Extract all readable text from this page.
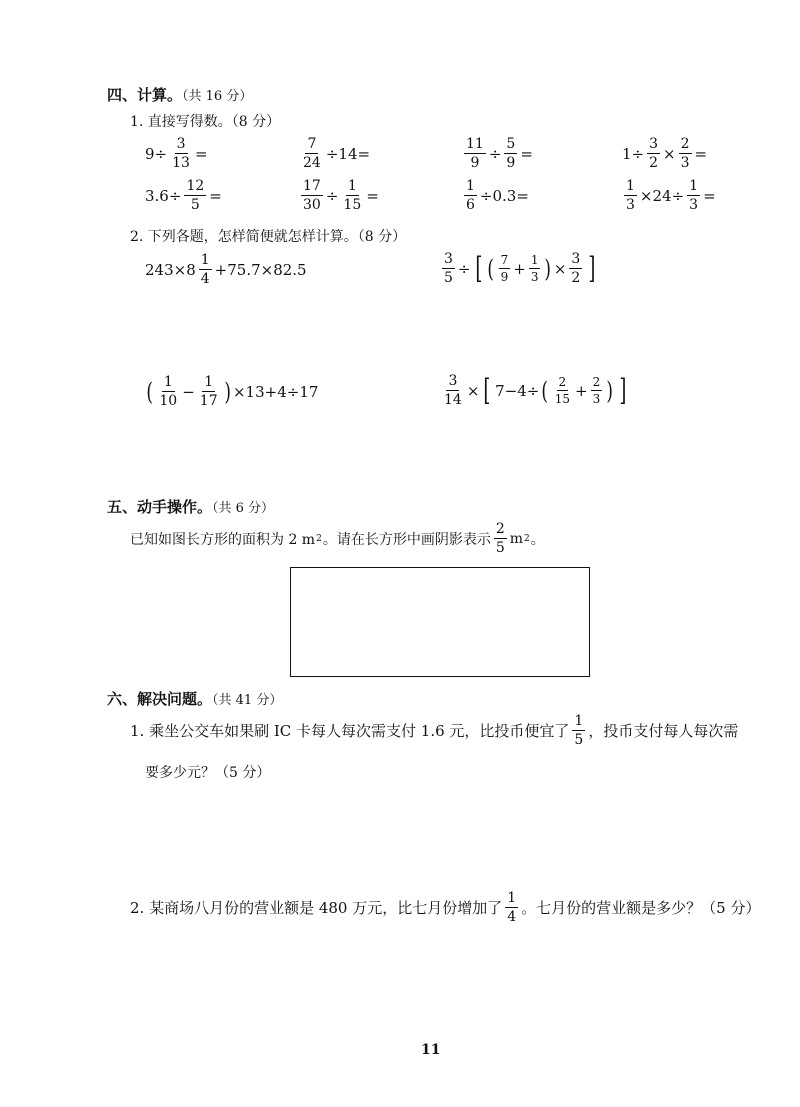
四、计算。（共 16 分）
1. 直接写得数。（8 分）
$9\div \frac{3}{13}$ =	$\frac{7}{24} \div 14=$	$\frac{11}{9} \div \frac{5}{9}$ =	$1\div \frac{3}{2} \times \frac{2}{3}$ =
$3.6\div \frac{12}{5}$ =	$\frac{17}{30} \div \frac{1}{15}$ =	$\frac{1}{6} \div 0.3=$	$\frac{1}{3} \times 24\div \frac{1}{3}$ =
2. 下列各题，怎样简便就怎样计算。（8 分）
$243\times 8 \frac{1}{4} +75.7\times 82.5$	$\frac{3}{5}$ ÷ [ ( $\frac{7}{9} + \frac{1}{3}$ ) × $\frac{3}{2}$ ]
( $\frac{1}{10} - \frac{1}{17}$ ) ×13+4÷17	$\frac{3}{14}$ × [ 7−4÷ ( $\frac{2}{15} + \frac{2}{3}$ ) ]
五、动手操作。（共 6 分）
已知如图长方形的面积为 2 m 2 。请在长方形中画阴影表示 $\frac{2}{5}$ m 2 。
六、解决问题。（共 41 分）
1. 乘坐公交车如果刷 IC 卡每人每次需支付 1.6 元，比投币便宜了 $\frac{1}{5}$ ，投币支付每人每次需
要多少元？（5 分）
2. 某商场八月份的营业额是 480 万元，比七月份增加了 $\frac{1}{4}$ 。七月份的营业额是多少？（5 分）
11
